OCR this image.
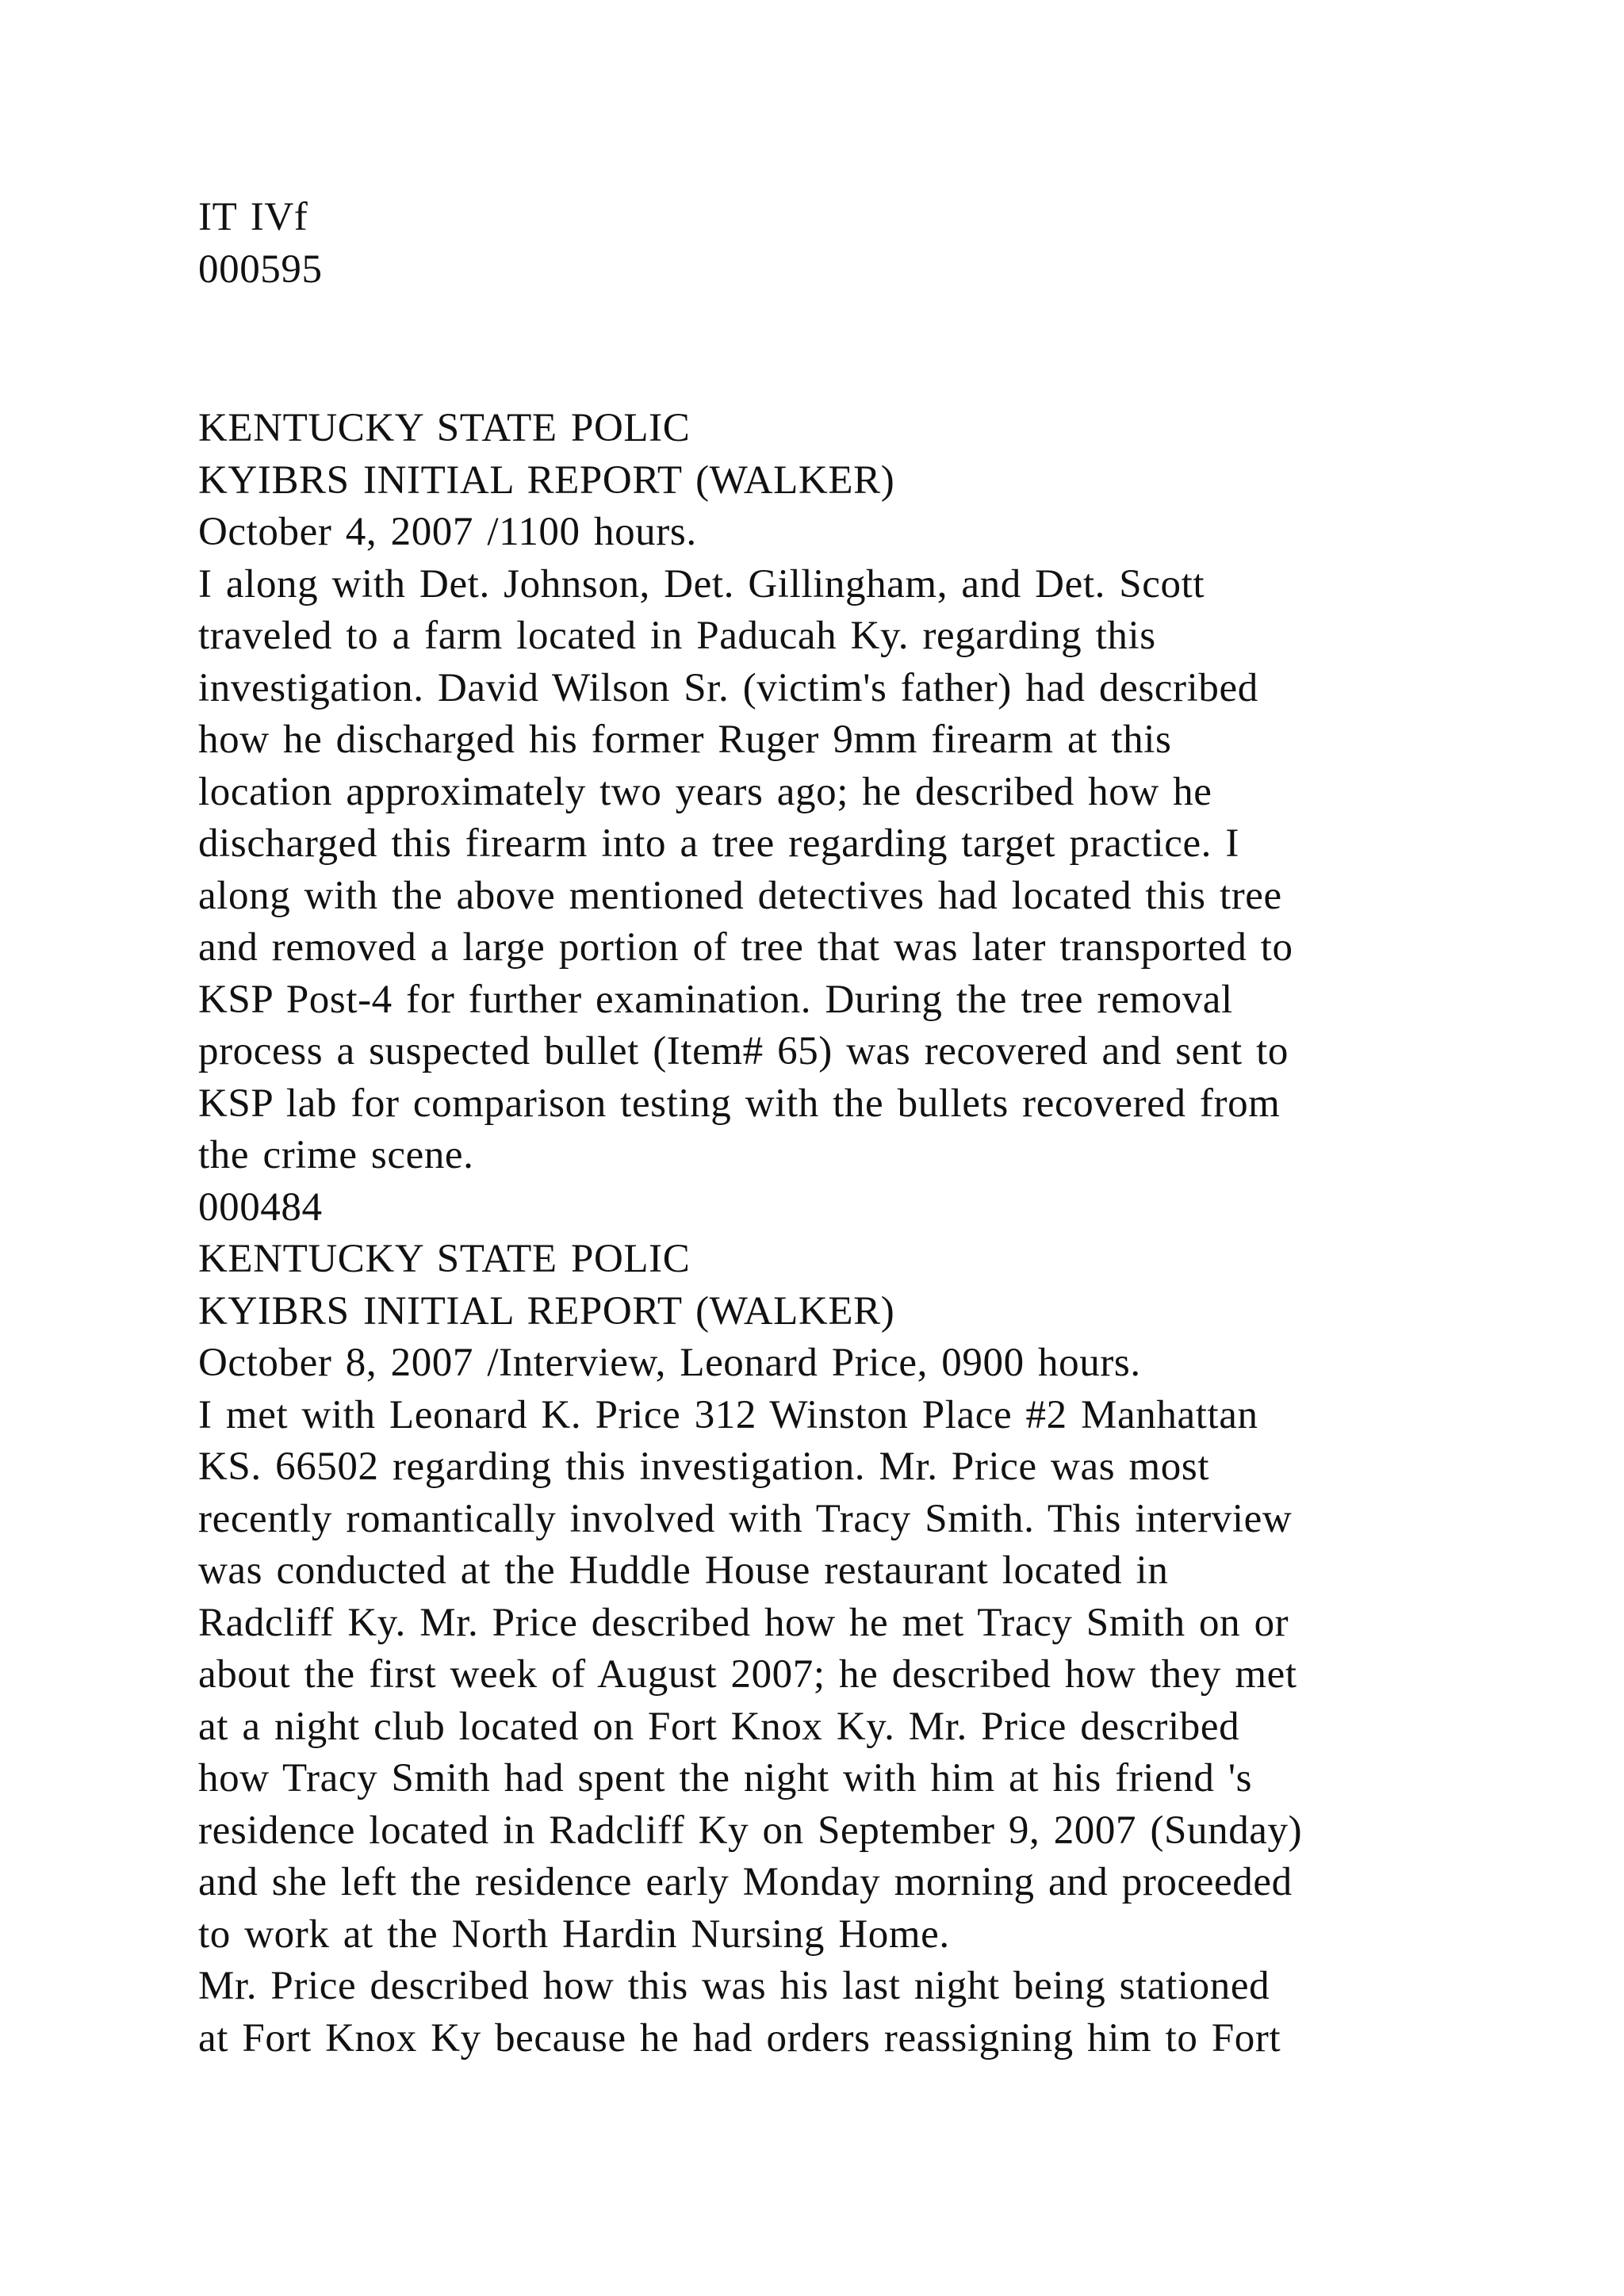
IT IVf
000595
KENTUCKY STATE POLIC
KYIBRS INITIAL REPORT (WALKER)
October 4, 2007 /1100 hours.
I along with Det. Johnson, Det. Gillingham, and Det. Scott
traveled to a farm located in Paducah Ky. regarding this
investigation. David Wilson Sr. (victim's father) had described
how he discharged his former Ruger 9mm firearm at this
location approximately two years ago; he described how he
discharged this firearm into a tree regarding target practice. I
along with the above mentioned detectives had located this tree
and removed a large portion of tree that was later transported to
KSP Post-4 for further examination. During the tree removal
process a suspected bullet (Item# 65) was recovered and sent to
KSP lab for comparison testing with the bullets recovered from
the crime scene.
000484
KENTUCKY STATE POLIC
KYIBRS INITIAL REPORT (WALKER)
October 8, 2007 /Interview, Leonard Price, 0900 hours.
I met with Leonard K. Price 312 Winston Place #2 Manhattan
KS. 66502 regarding this investigation. Mr. Price was most
recently romantically involved with Tracy Smith. This interview
was conducted at the Huddle House restaurant located in
Radcliff Ky. Mr. Price described how he met Tracy Smith on or
about the first week of August 2007; he described how they met
at a night club located on Fort Knox Ky. Mr. Price described
how Tracy Smith had spent the night with him at his friend 's
residence located in Radcliff Ky on September 9, 2007 (Sunday)
and she left the residence early Monday morning and proceeded
to work at the North Hardin Nursing Home.
Mr. Price described how this was his last night being stationed
at Fort Knox Ky because he had orders reassigning him to Fort
